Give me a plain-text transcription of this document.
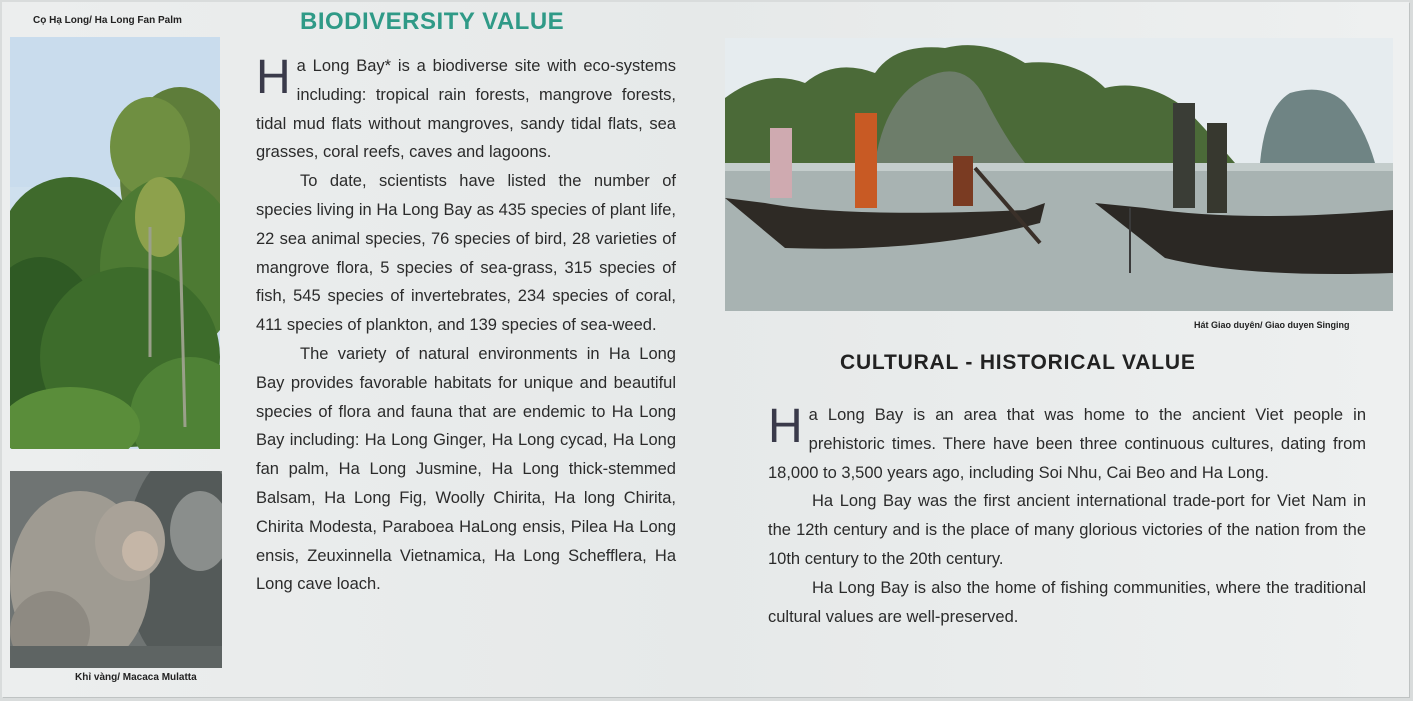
Cọ Hạ Long/ Ha Long Fan Palm
Khỉ vàng/ Macaca Mulatta
BIODIVERSITY VALUE

Ha Long Bay* is a biodiverse site with eco-systems including: tropical rain forests, mangrove forests, tidal mud flats without mangroves, sandy tidal flats, sea grasses, coral reefs, caves and lagoons.

To date, scientists have listed the number of species living in Ha Long Bay as 435 species of plant life, 22 sea animal species, 76 species of bird, 28 varieties of mangrove flora, 5 species of sea-grass, 315 species of fish, 545 species of invertebrates, 234 species of coral, 411 species of plankton, and 139 species of sea-weed.

The variety of natural environments in Ha Long Bay provides favorable habitats for unique and beautiful species of flora and fauna that are endemic to Ha Long Bay including: Ha Long Ginger, Ha Long cycad, Ha Long fan palm, Ha Long Jusmine, Ha Long thick-stemmed Balsam, Ha Long Fig, Woolly Chirita, Ha long Chirita, Chirita Modesta, Paraboea HaLong ensis, Pilea Ha Long ensis, Zeuxinnella Vietnamica, Ha Long Schefflera, Ha Long cave loach.

Hát Giao duyên/ Giao duyen Singing
CULTURAL - HISTORICAL VALUE

Ha Long Bay is an area that was home to the ancient Viet people in prehistoric times. There have been three continuous cultures, dating from 18,000 to 3,500 years ago, including Soi Nhu, Cai Beo and Ha Long.

Ha Long Bay was the first ancient international trade-port for Viet Nam in the 12th century and is the place of many glorious victories of the nation from the 10th century to the 20th century.

Ha Long Bay is also the home of fishing communities, where the traditional cultural values are well-preserved.
